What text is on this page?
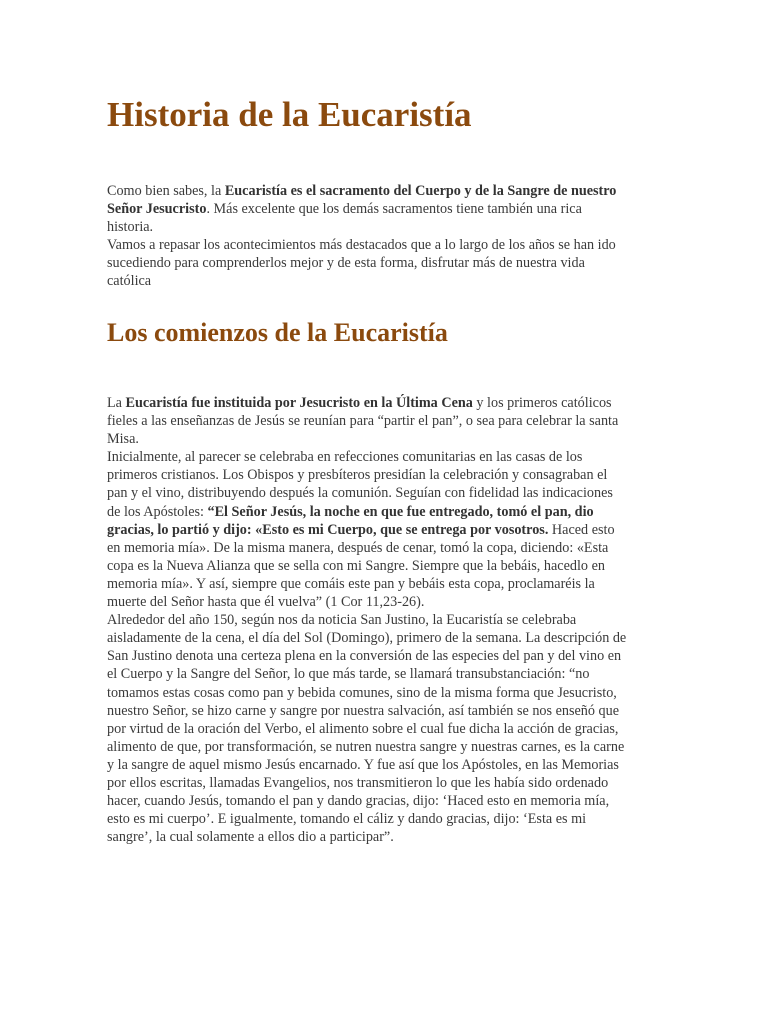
Historia de la Eucaristía
Como bien sabes, la Eucaristía es el sacramento del Cuerpo y de la Sangre de nuestro
Señor Jesucristo. Más excelente que los demás sacramentos tiene también una rica
historia.
Vamos a repasar los acontecimientos más destacados que a lo largo de los años se han ido
sucediendo para comprenderlos mejor y de esta forma, disfrutar más de nuestra vida
católica
Los comienzos de la Eucaristía
La Eucaristía fue instituida por Jesucristo en la Última Cena y los primeros católicos
fieles a las enseñanzas de Jesús se reunían para “partir el pan”, o sea para celebrar la santa
Misa.
Inicialmente, al parecer se celebraba en refecciones comunitarias en las casas de los
primeros cristianos. Los Obispos y presbíteros presidían la celebración y consagraban el
pan y el vino, distribuyendo después la comunión. Seguían con fidelidad las indicaciones
de los Apóstoles: “El Señor Jesús, la noche en que fue entregado, tomó el pan, dio
gracias, lo partió y dijo: «Esto es mi Cuerpo, que se entrega por vosotros. Haced esto
en memoria mía». De la misma manera, después de cenar, tomó la copa, diciendo: «Esta
copa es la Nueva Alianza que se sella con mi Sangre. Siempre que la bebáis, hacedlo en
memoria mía». Y así, siempre que comáis este pan y bebáis esta copa, proclamaréis la
muerte del Señor hasta que él vuelva” (1 Cor 11,23-26).
Alrededor del año 150, según nos da noticia San Justino, la Eucaristía se celebraba
aisladamente de la cena, el día del Sol (Domingo), primero de la semana. La descripción de
San Justino denota una certeza plena en la conversión de las especies del pan y del vino en
el Cuerpo y la Sangre del Señor, lo que más tarde, se llamará transubstanciación: “no
tomamos estas cosas como pan y bebida comunes, sino de la misma forma que Jesucristo,
nuestro Señor, se hizo carne y sangre por nuestra salvación, así también se nos enseñó que
por virtud de la oración del Verbo, el alimento sobre el cual fue dicha la acción de gracias,
alimento de que, por transformación, se nutren nuestra sangre y nuestras carnes, es la carne
y la sangre de aquel mismo Jesús encarnado. Y fue así que los Apóstoles, en las Memorias
por ellos escritas, llamadas Evangelios, nos transmitieron lo que les había sido ordenado
hacer, cuando Jesús, tomando el pan y dando gracias, dijo: ‘Haced esto en memoria mía,
esto es mi cuerpo’. E igualmente, tomando el cáliz y dando gracias, dijo: ‘Esta es mi
sangre’, la cual solamente a ellos dio a participar”.
